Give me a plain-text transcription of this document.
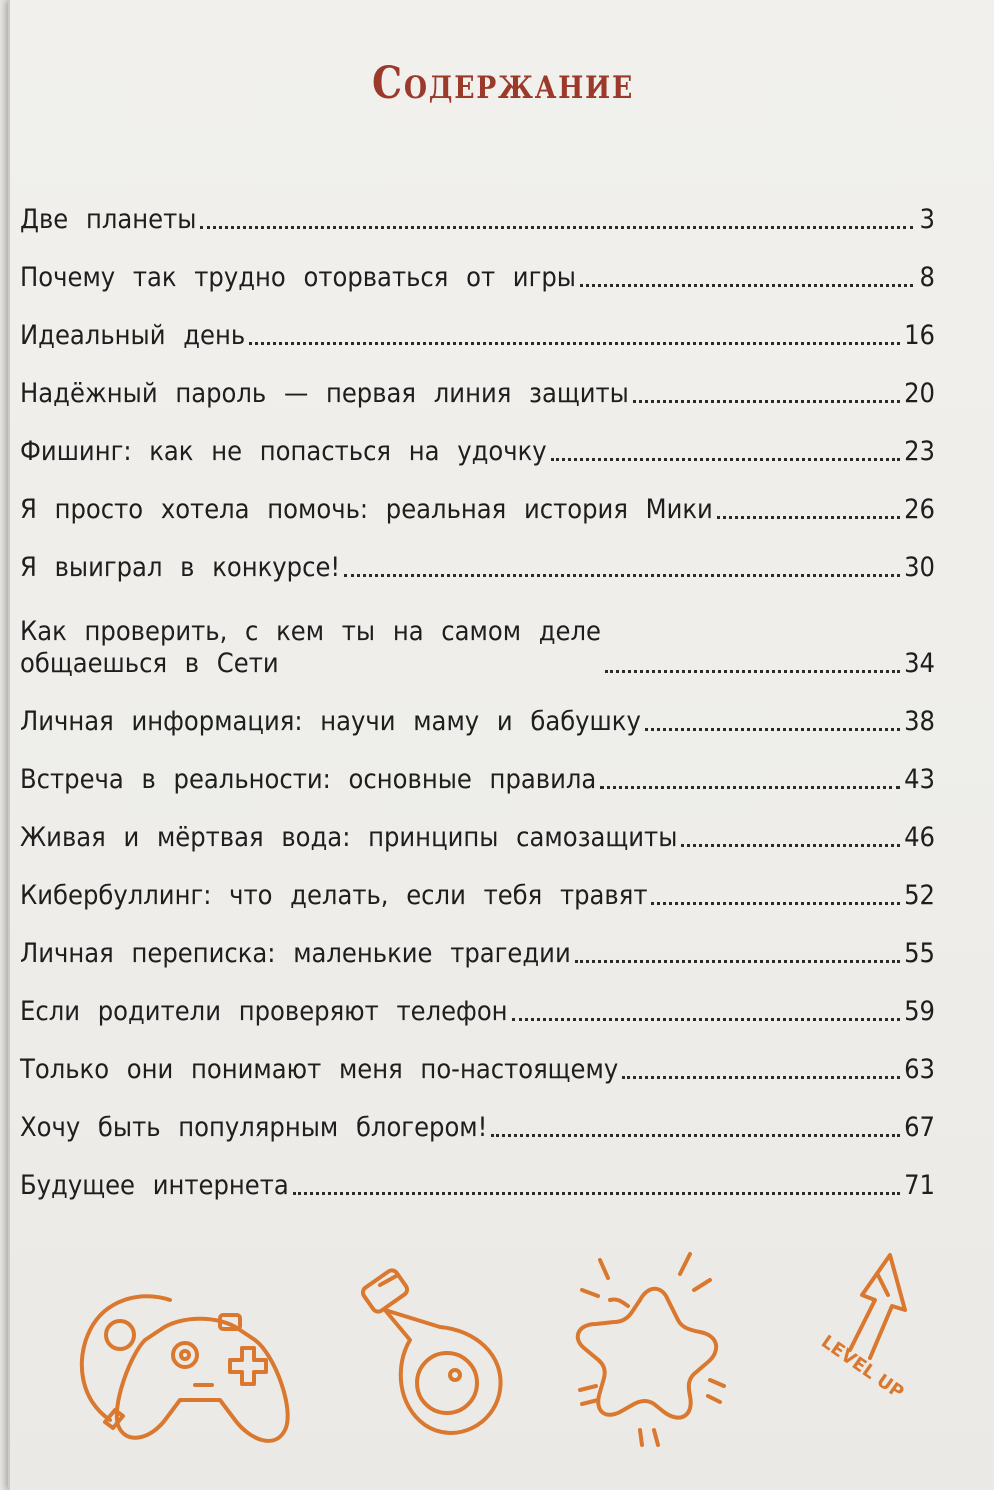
Содержание
Две планеты	3
Почему так трудно оторваться от игры	8
Идеальный день	16
Надёжный пароль — первая линия защиты	20
Фишинг: как не попасться на удочку	23
Я просто хотела помочь: реальная история Мики	26
Я выиграл в конкурсе!	30
Как проверить, с кем ты на самом деле
общаешься в Сети	34
Личная информация: научи маму и бабушку	38
Встреча в реальности: основные правила	43
Живая и мёртвая вода: принципы самозащиты	46
Кибербуллинг: что делать, если тебя травят	52
Личная переписка: маленькие трагедии	55
Если родители проверяют телефон	59
Только они понимают меня по-настоящему	63
Хочу быть популярным блогером!	67
Будущее интернета	71
LEVEL UP
